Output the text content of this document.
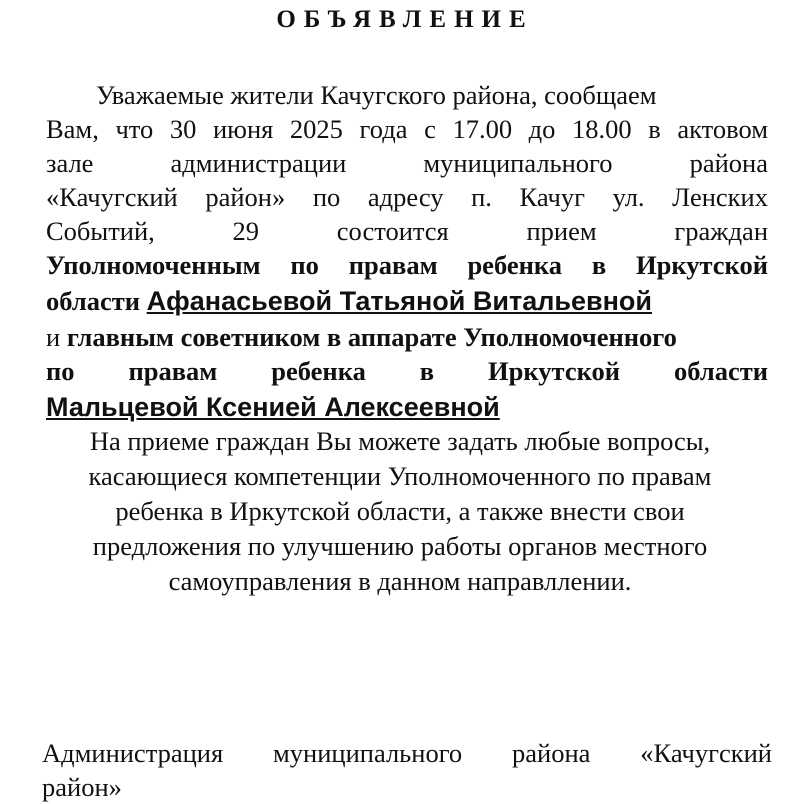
ОБЪЯВЛЕНИЕ
Уважаемые жители Качугского района, сообщаем
Вам, что 30 июня 2025 года с 17.00 до 18.00 в актовом
зале администрации муниципального района
«Качугский район» по адресу п. Качуг ул. Ленских
Событий, 29 состоится прием граждан
Уполномоченным по правам ребенка в Иркутской
области Афанасьевой Татьяной Витальевной
и главным советником в аппарате Уполномоченного
по правам ребенка в Иркутской области
Мальцевой Ксенией Алексеевной
На приеме граждан Вы можете задать любые вопросы,
касающиеся компетенции Уполномоченного по правам
ребенка в Иркутской области, а также внести свои
предложения по улучшению работы органов местного
самоуправления в данном направллении.
Администрация муниципального района «Качугский
район»
